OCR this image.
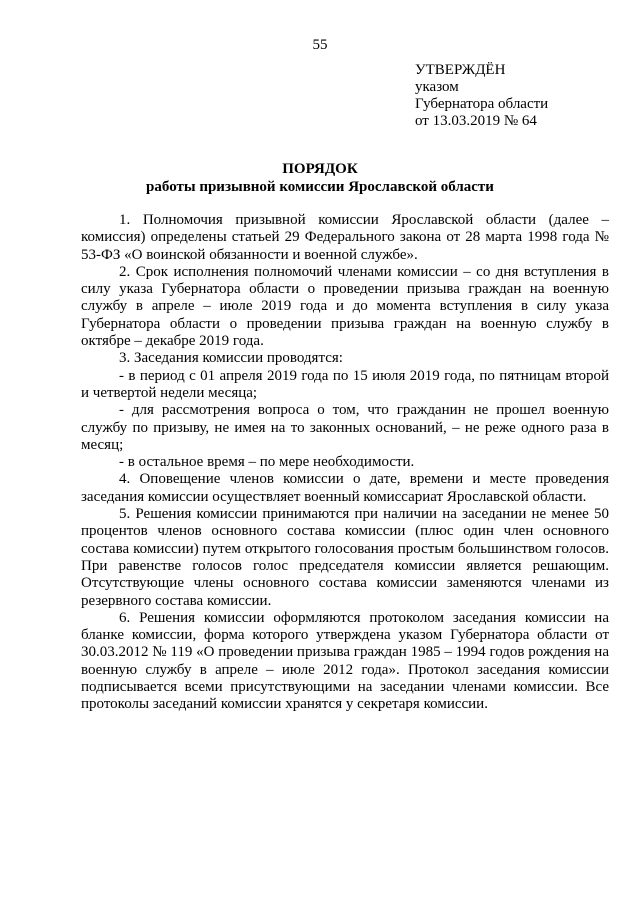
55
УТВЕРЖДЁН
указом
Губернатора области
от 13.03.2019 № 64
ПОРЯДОК
работы призывной комиссии Ярославской области

1. Полномочия призывной комиссии Ярославской области (далее – комиссия) определены статьей 29 Федерального закона от 28 марта 1998 года № 53-ФЗ «О воинской обязанности и военной службе».

2. Срок исполнения полномочий членами комиссии – со дня вступления в силу указа Губернатора области о проведении призыва граждан на военную службу в апреле – июле 2019 года и до момента вступления в силу указа Губернатора области о проведении призыва граждан на военную службу в октябре – декабре 2019 года.

3. Заседания комиссии проводятся:

- в период с 01 апреля 2019 года по 15 июля 2019 года, по пятницам второй и четвертой недели месяца;

- для рассмотрения вопроса о том, что гражданин не прошел военную службу по призыву, не имея на то законных оснований, – не реже одного раза в месяц;

- в остальное время – по мере необходимости.

4. Оповещение членов комиссии о дате, времени и месте проведения заседания комиссии осуществляет военный комиссариат Ярославской области.

5. Решения комиссии принимаются при наличии на заседании не менее 50 процентов членов основного состава комиссии (плюс один член основного состава комиссии) путем открытого голосования простым большинством голосов. При равенстве голосов голос председателя комиссии является решающим. Отсутствующие члены основного состава комиссии заменяются членами из резервного состава комиссии.

6. Решения комиссии оформляются протоколом заседания комиссии на бланке комиссии, форма которого утверждена указом Губернатора области от 30.03.2012 № 119 «О проведении призыва граждан 1985 – 1994 годов рождения на военную службу в апреле – июле 2012 года». Протокол заседания комиссии подписывается всеми присутствующими на заседании членами комиссии. Все протоколы заседаний комиссии хранятся у секретаря комиссии.
